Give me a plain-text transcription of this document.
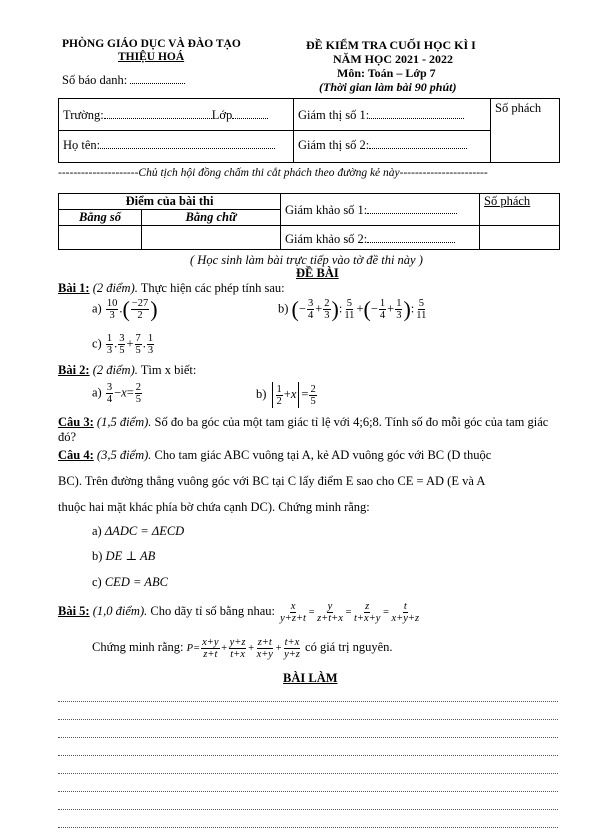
PHÒNG GIÁO DỤC VÀ ĐÀO TẠO
THIỆU HOÁ
Số báo danh:
ĐỀ KIỂM TRA CUỐI HỌC KÌ I
NĂM HỌC 2021 - 2022
Môn: Toán – Lớp 7
(Thời gian làm bài 90 phút)
Trường: Lớp	Giám thị số 1:	Số phách
Họ tên:	Giám thị số 2:	
---------------------Chủ tịch hội đồng chấm thi cắt phách theo đường kẻ này-----------------------
Điểm của bài thi		Giám khảo số 1:	Số phách
Bằng số	Bằng chữ		
		Giám khảo số 2:	
( Học sinh làm bài trực tiếp vào tờ đề thi này )
ĐỀ BÀI
Bài 1: (2 điểm). Thực hiện các phép tính sau:
$a) \frac{10}{3}$ .( $\frac{-27}{2}$ )	b) (− $\frac{3}{4} + \frac{2}{3}$ ): $\frac{5}{11}$ +(− $\frac{1}{4} + \frac{1}{3}$ ): $\frac{5}{11}$
$c) \frac{1}{3}$ . $\frac{3}{5} + \frac{7}{5}$ . $\frac{1}{3}$
Bài 2: (2 điểm). Tìm x biết:
$a) \frac{3}{4} -x= \frac{2}{5}$	$b) \frac{1}{2} +x = \frac{2}{5}$
Câu 3: (1,5 điểm). Số đo ba góc của một tam giác tỉ lệ với 4;6;8. Tính số đo mỗi góc của tam giác đó?
Câu 4: (3,5 điểm). Cho tam giác ABC vuông tại A, kẻ AD vuông góc với BC (D thuộc
BC). Trên đường thẳng vuông góc với BC tại C lấy điểm E sao cho CE = AD (E và A
thuộc hai mặt khác phía bờ chứa cạnh DC). Chứng minh rằng:
a) ΔADC = ΔECD
b) DE ⊥ AB
c) CED = ABC
Bài 5: (1,0 điểm). Cho dãy tỉ số bằng nhau: $\frac{x}{y+z+t} = \frac{y}{z+t+x} = \frac{z}{t+x+y} = \frac{t}{x+y+z}$
Chứng minh rằng: $P= \frac{x+y}{z+t} + \frac{y+z}{t+x} + \frac{z+t}{x+y} + \frac{t+x}{y+z}$ có giá trị nguyên.
BÀI LÀM
